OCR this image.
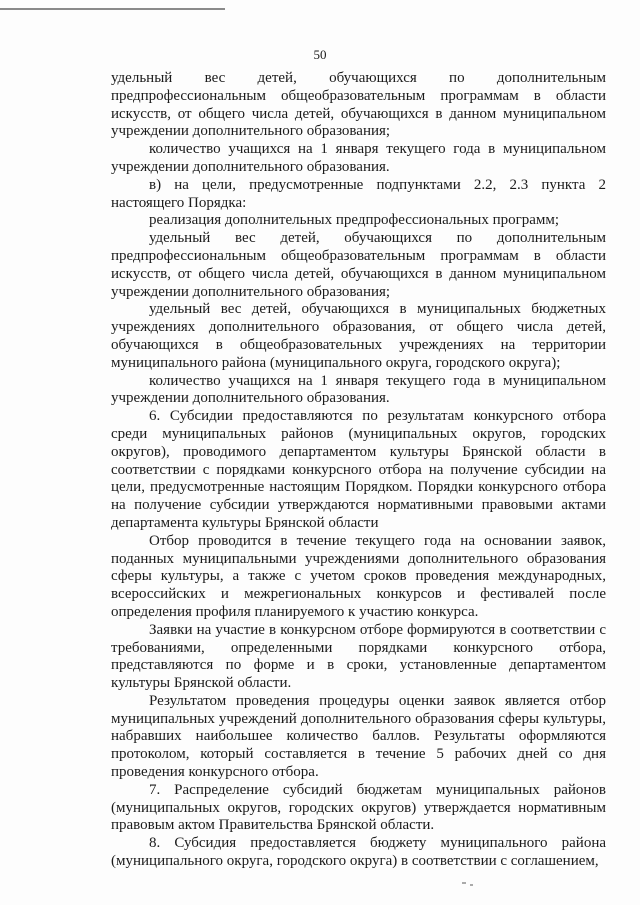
50

удельный вес детей, обучающихся по дополнительным предпрофессиональным общеобразовательным программам в области искусств, от общего числа детей, обучающихся в данном муниципальном учреждении дополнительного образования;

количество учащихся на 1 января текущего года в муниципальном учреждении дополнительного образования.

в) на цели, предусмотренные подпунктами 2.2, 2.3 пункта 2 настоящего Порядка:

реализация дополнительных предпрофессиональных программ;

удельный вес детей, обучающихся по дополнительным предпрофессиональным общеобразовательным программам в области искусств, от общего числа детей, обучающихся в данном муниципальном учреждении дополнительного образования;

удельный вес детей, обучающихся в муниципальных бюджетных учреждениях дополнительного образования, от общего числа детей, обучающихся в общеобразовательных учреждениях на территории муниципального района (муниципального округа, городского округа);

количество учащихся на 1 января текущего года в муниципальном учреждении дополнительного образования.

6. Субсидии предоставляются по результатам конкурсного отбора среди муниципальных районов (муниципальных округов, городских округов), проводимого департаментом культуры Брянской области в соответствии с порядками конкурсного отбора на получение субсидии на цели, предусмотренные настоящим Порядком. Порядки конкурсного отбора на получение субсидии утверждаются нормативными правовыми актами департамента культуры Брянской области

Отбор проводится в течение текущего года на основании заявок, поданных муниципальными учреждениями дополнительного образования сферы культуры, а также с учетом сроков проведения международных, всероссийских и межрегиональных конкурсов и фестивалей после определения профиля планируемого к участию конкурса.

Заявки на участие в конкурсном отборе формируются в соответствии с требованиями, определенными порядками конкурсного отбора, представляются по форме и в сроки, установленные департаментом культуры Брянской области.

Результатом проведения процедуры оценки заявок является отбор муниципальных учреждений дополнительного образования сферы культуры, набравших наибольшее количество баллов. Результаты оформляются протоколом, который составляется в течение 5 рабочих дней со дня проведения конкурсного отбора.

7. Распределение субсидий бюджетам муниципальных районов (муниципальных округов, городских округов) утверждается нормативным правовым актом Правительства Брянской области.

8. Субсидия предоставляется бюджету муниципального района (муниципального округа, городского округа) в соответствии с соглашением,
